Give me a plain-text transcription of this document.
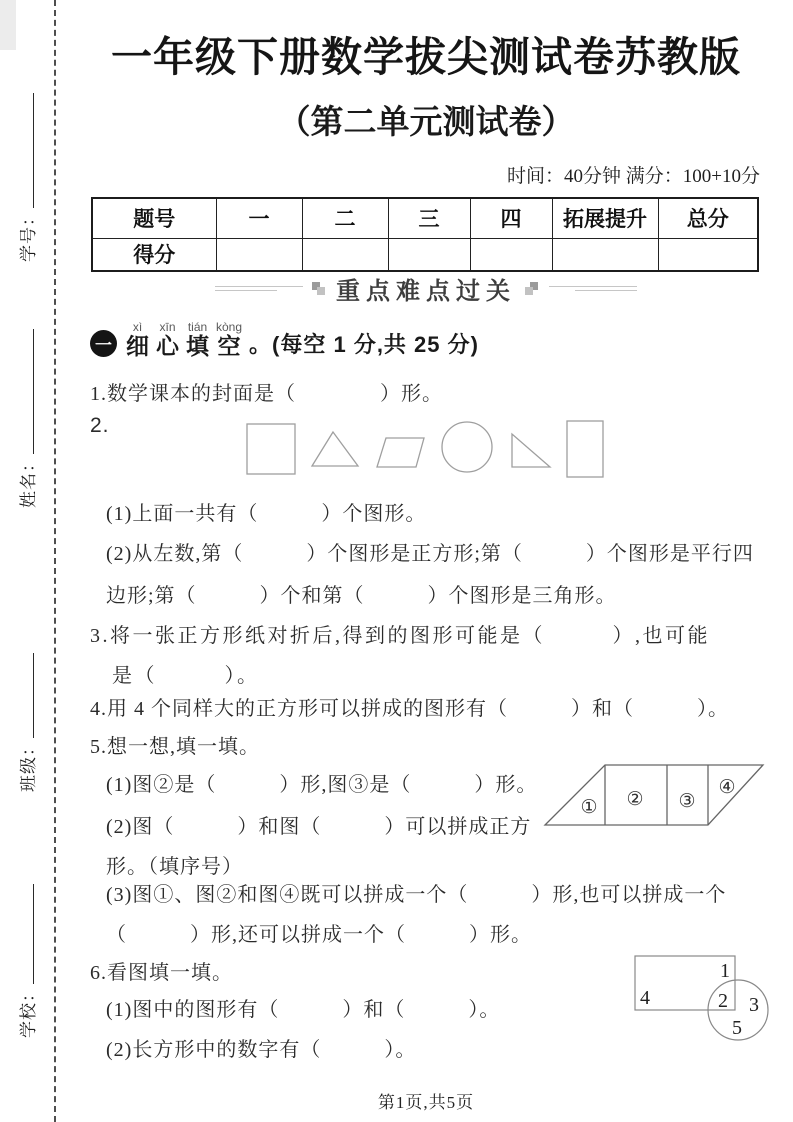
学号：
姓名：
班级：
学校：
一年级下册数学拔尖测试卷苏教版
（第二单元测试卷）
时间：40分钟 满分：100+10分
题号	一	二	三	四	拓展提升	总分
得分						
重点难点过关
一
xì
细
xīn
心
tián
填
kòng
空 。(每空 1 分,共 25 分)
1.数学课本的封面是（　　　　）形。
2.
(1)上面一共有（　　　）个图形。
(2)从左数,第（　　　）个图形是正方形;第（　　　）个图形是平行四
边形;第（　　　）个和第（　　　）个图形是三角形。
3.将一张正方形纸对折后,得到的图形可能是（　　　）,也可能
是（　　　）。
4.用 4 个同样大的正方形可以拼成的图形有（　　　）和（　　　）。
5.想一想,填一填。
(1)图②是（　　　）形,图③是（　　　）形。
(2)图（　　　）和图（　　　）可以拼成正方
形。（填序号）
① ② ③
④
(3)图①、图②和图④既可以拼成一个（　　　）形,也可以拼成一个
（　　　）形,还可以拼成一个（　　　）形。
6.看图填一填。
(1)图中的图形有（　　　）和（　　　）。
(2)长方形中的数字有（　　　）。
1
4	2 3
5
第1页,共5页
